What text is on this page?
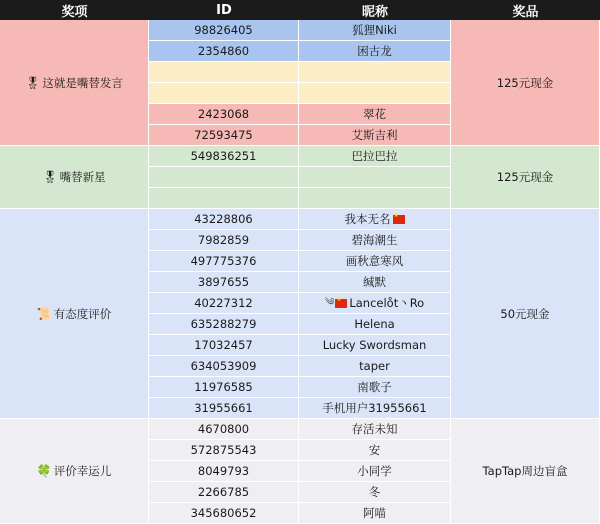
奖项	ID	昵称	奖品
🎖 这就是嘴替发言	125元现金
98826405	狐狸Niki
2354860	困古龙
2423068	翠花
72593475	艾斯吉利
🎖 嘴替新星	125元现金
549836251	巴拉巴拉
📜 有态度评价	50元现金
43228806	我本无名
★
7982859	碧海潮生
497775376	画秋意寒风
3897655	缄默
40227312	༄
★ Lancelo̊t丶Ro
635288279	Helena
17032457	Lucky Swordsman
634053909	taper
11976585	南歌子
31955661	手机用户31955661
🍀 评价幸运儿	TapTap周边盲盒
4670800	存活未知
572875543	安
8049793	小同学
2266785	冬
345680652	阿喵
